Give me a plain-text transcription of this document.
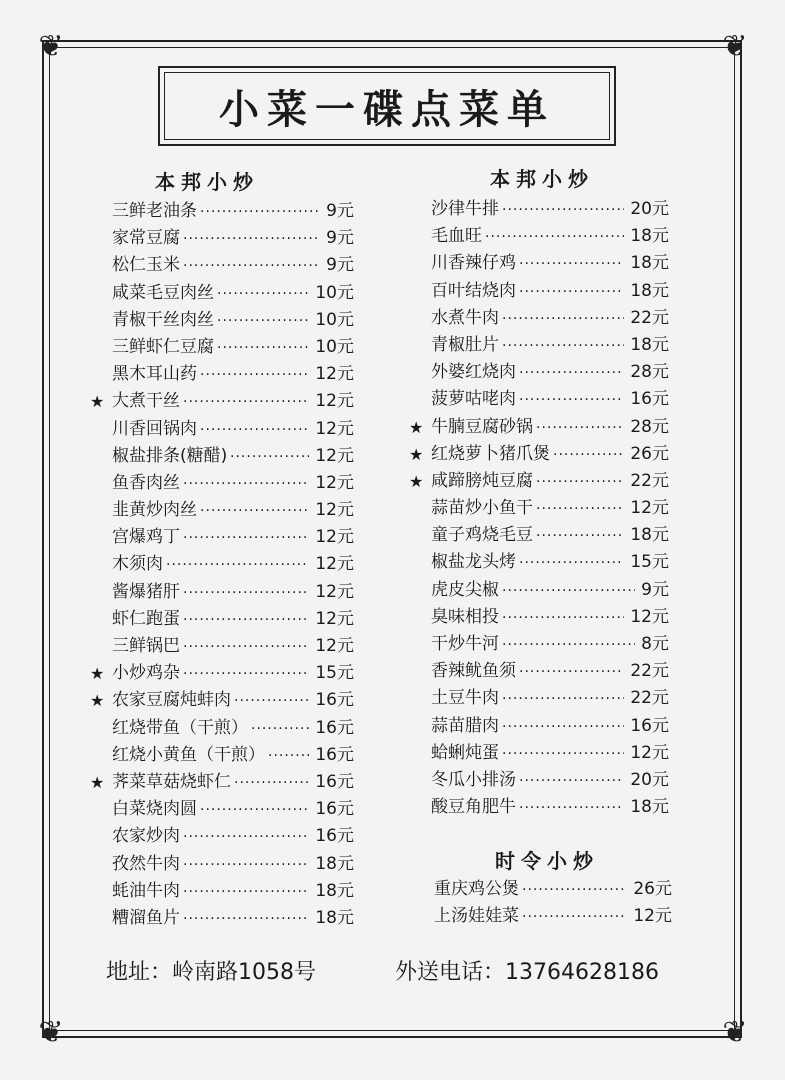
❦	❦
❦	❦
小菜一碟点菜单
本邦小炒
三鲜老油条	9元
·····
家常豆腐	9元
·····
松仁玉米	9元
·····
咸菜毛豆肉丝	10元
·····
青椒干丝肉丝	10元
·····
三鲜虾仁豆腐	10元
·····
黑木耳山药	12元
·····
★ 大煮干丝	12元
·····
川香回锅肉	12元
·····
椒盐排条(糖醋)	12元
·····
鱼香肉丝	12元
·····
韭黄炒肉丝	12元
·····
宫爆鸡丁	12元
·····
木须肉	12元
·····
酱爆猪肝	12元
·····
虾仁跑蛋	12元
·····
三鲜锅巴	12元
·····
★ 小炒鸡杂	15元
·····
★ 农家豆腐炖蚌肉	16元
·····
红烧带鱼（干煎）	16元
·····
红烧小黄鱼（干煎）	16元
·····
★ 荠菜草菇烧虾仁	16元
·····
白菜烧肉圆	16元
·····
农家炒肉	16元
·····
孜然牛肉	18元
·····
蚝油牛肉	18元
·····
糟溜鱼片	18元
·····
本邦小炒
沙律牛排	20元
·····
毛血旺	18元
·····
川香辣仔鸡	18元
·····
百叶结烧肉	18元
·····
水煮牛肉	22元
·····
青椒肚片	18元
·····
外婆红烧肉	28元
·····
菠萝咕咾肉	16元
·····
★ 牛腩豆腐砂锅	28元
·····
★ 红烧萝卜猪爪煲	26元
·····
★ 咸蹄膀炖豆腐	22元
·····
蒜苗炒小鱼干	12元
·····
童子鸡烧毛豆	18元
·····
椒盐龙头烤	15元
·····
虎皮尖椒	9元
·····
臭味相投	12元
·····
干炒牛河	8元
·····
香辣鱿鱼须	22元
·····
土豆牛肉	22元
·····
蒜苗腊肉	16元
·····
蛤蜊炖蛋	12元
·····
冬瓜小排汤	20元
·····
酸豆角肥牛	18元
·····
时令小炒
重庆鸡公煲	26元
·····
上汤娃娃菜	12元
·····
地址：岭南路1058号	外送电话：13764628186
